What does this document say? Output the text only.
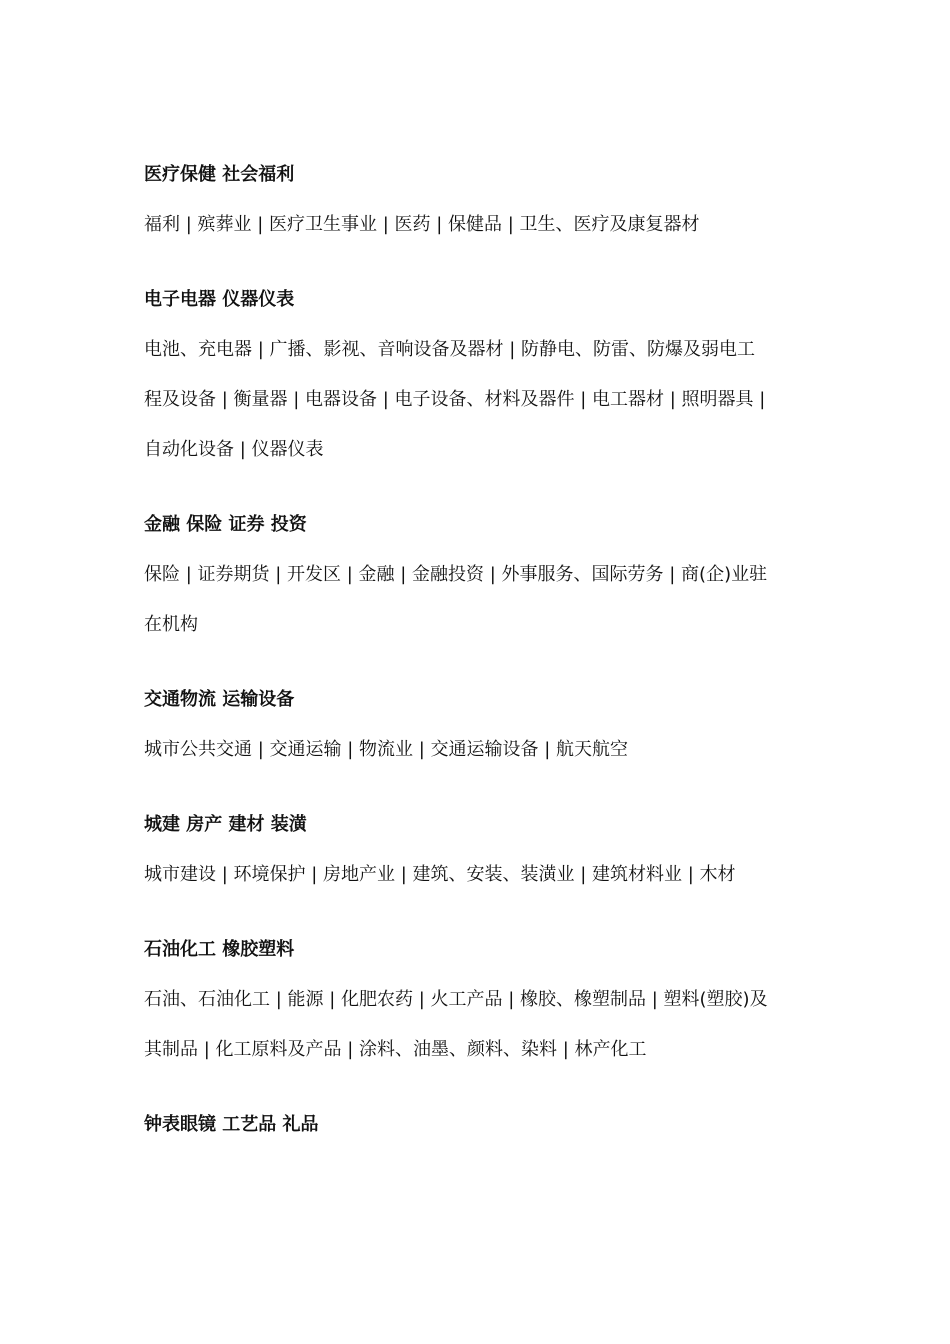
医疗保健 社会福利

福利 | 殡葬业 | 医疗卫生事业 | 医药 | 保健品 | 卫生、医疗及康复器材

电子电器 仪器仪表

电池、充电器 | 广播、影视、音响设备及器材 | 防静电、防雷、防爆及弱电工
程及设备 | 衡量器 | 电器设备 | 电子设备、材料及器件 | 电工器材 | 照明器具 |
自动化设备 | 仪器仪表

金融 保险 证券 投资

保险 | 证券期货 | 开发区 | 金融 | 金融投资 | 外事服务、国际劳务 | 商(企)业驻
在机构

交通物流 运输设备

城市公共交通 | 交通运输 | 物流业 | 交通运输设备 | 航天航空

城建 房产 建材 装潢

城市建设 | 环境保护 | 房地产业 | 建筑、安装、装潢业 | 建筑材料业 | 木材

石油化工 橡胶塑料

石油、石油化工 | 能源 | 化肥农药 | 火工产品 | 橡胶、橡塑制品 | 塑料(塑胶)及
其制品 | 化工原料及产品 | 涂料、油墨、颜料、染料 | 林产化工

钟表眼镜 工艺品 礼品
